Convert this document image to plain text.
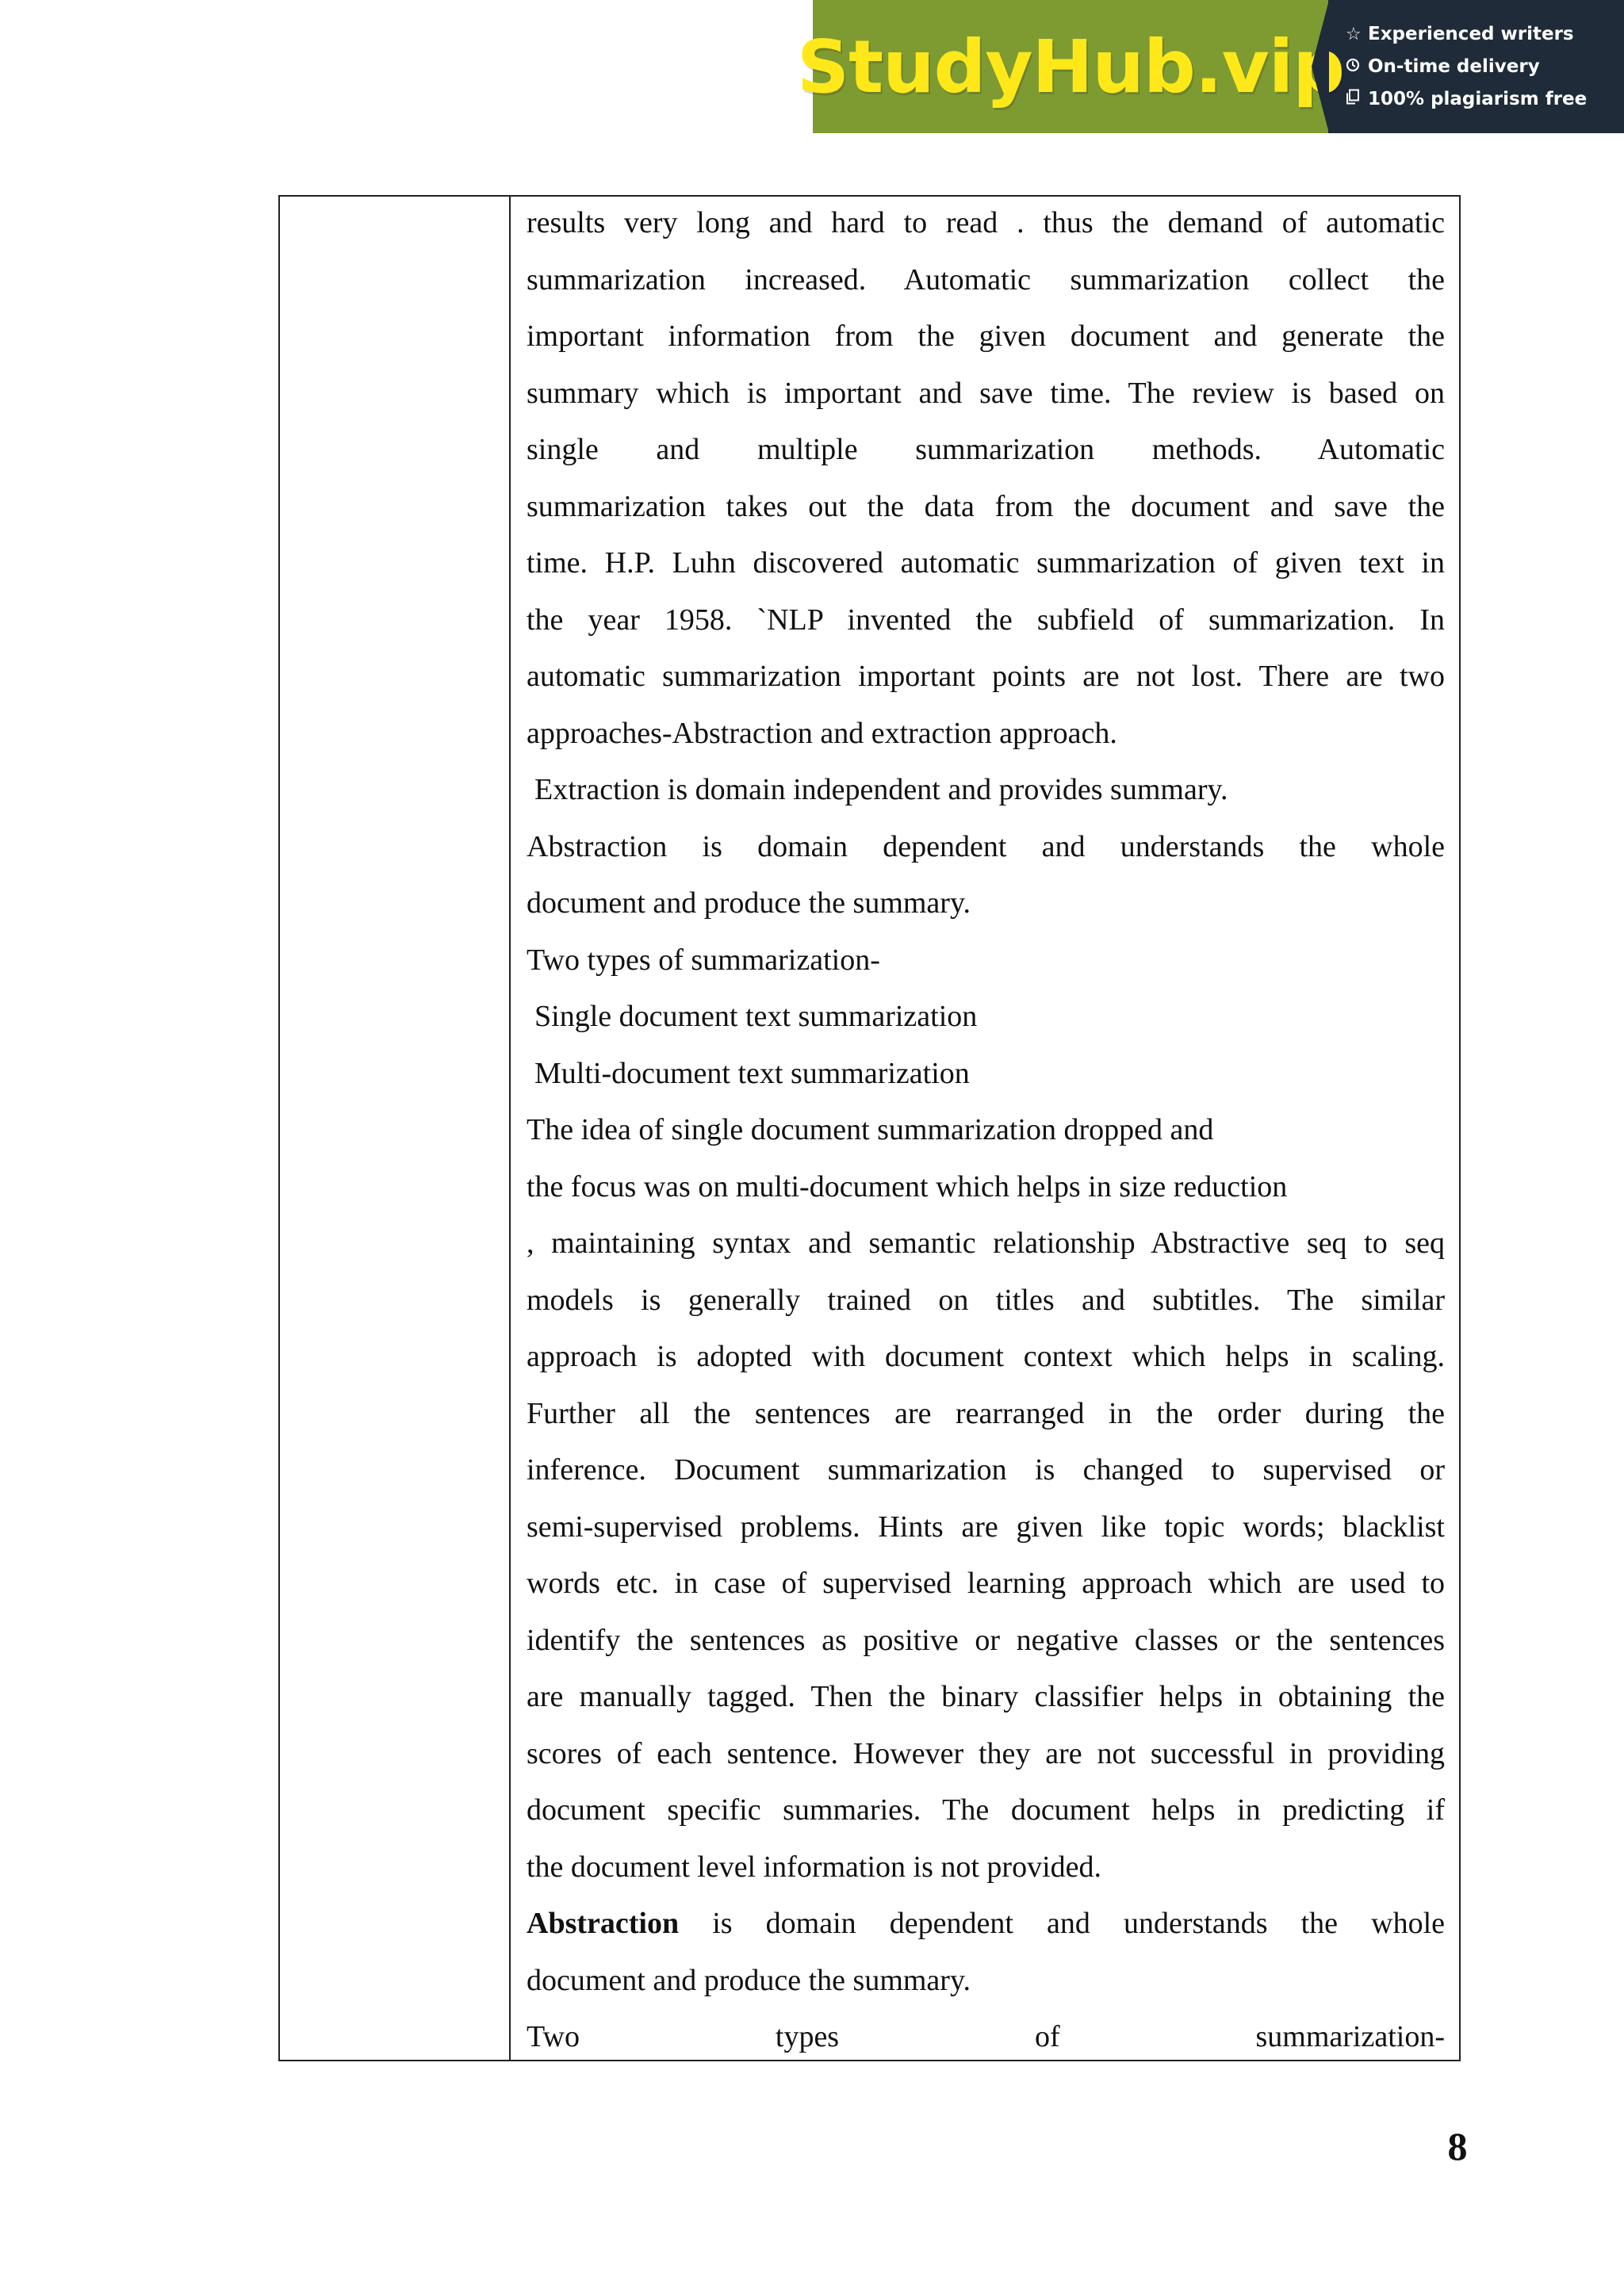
StudyHub.vip ☆ Experienced writers
On-time delivery
100% plagiarism free
results very long and hard to read . thus the demand of automatic
summarization increased. Automatic summarization collect the
important information from the given document and generate the
summary which is important and save time. The review is based on
single and multiple summarization methods. Automatic
summarization takes out the data from the document and save the
time. H.P. Luhn discovered automatic summarization of given text in
the year 1958. `NLP invented the subfield of summarization. In
automatic summarization important points are not lost. There are two
approaches-Abstraction and extraction approach.
Extraction is domain independent and provides summary.
Abstraction is domain dependent and understands the whole
document and produce the summary.
Two types of summarization-
Single document text summarization
Multi-document text summarization
The idea of single document summarization dropped and
the focus was on multi-document which helps in size reduction
, maintaining syntax and semantic relationship Abstractive seq to seq
models is generally trained on titles and subtitles. The similar
approach is adopted with document context which helps in scaling.
Further all the sentences are rearranged in the order during the
inference. Document summarization is changed to supervised or
semi-supervised problems. Hints are given like topic words; blacklist
words etc. in case of supervised learning approach which are used to
identify the sentences as positive or negative classes or the sentences
are manually tagged. Then the binary classifier helps in obtaining the
scores of each sentence. However they are not successful in providing
document specific summaries. The document helps in predicting if
the document level information is not provided.
Abstraction is domain dependent and understands the whole
document and produce the summary.
Two types of summarization-
8
